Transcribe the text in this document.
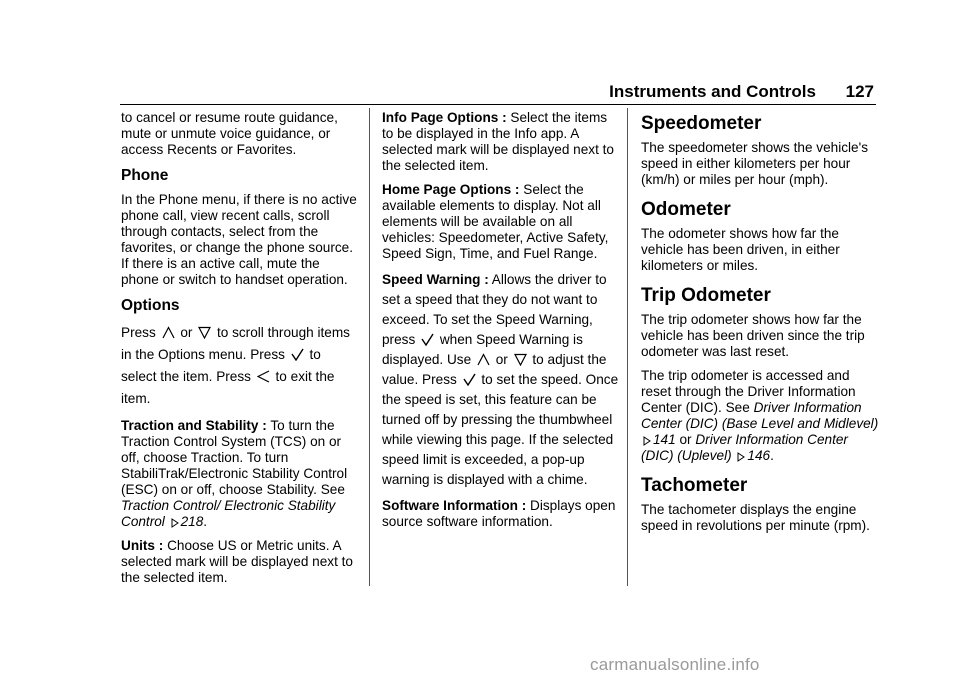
Instruments and Controls 127

to cancel or resume route guidance, mute or unmute voice guidance, or access Recents or Favorites.

Phone

In the Phone menu, if there is no active phone call, view recent calls, scroll through contacts, select from the favorites, or change the phone source. If there is an active call, mute the phone or switch to handset operation.

Options

Press or to scroll through items in the Options menu. Press to select the item. Press to exit the item.

Traction and Stability : To turn the Traction Control System (TCS) on or off, choose Traction. To turn StabiliTrak/Electronic Stability Control (ESC) on or off, choose Stability. See Traction Control/ Electronic Stability Control 218.

Units : Choose US or Metric units. A selected mark will be displayed next to the selected item.

Info Page Options : Select the items to be displayed in the Info app. A selected mark will be displayed next to the selected item.

Home Page Options : Select the available elements to display. Not all elements will be available on all vehicles: Speedometer, Active Safety, Speed Sign, Time, and Fuel Range.

Speed Warning : Allows the driver to set a speed that they do not want to exceed. To set the Speed Warning, press when Speed Warning is displayed. Use or to adjust the value. Press to set the speed. Once the speed is set, this feature can be turned off by pressing the thumbwheel while viewing this page. If the selected speed limit is exceeded, a pop-up warning is displayed with a chime.

Software Information : Displays open source software information.

Speedometer

The speedometer shows the vehicle's speed in either kilometers per hour (km/h) or miles per hour (mph).

Odometer

The odometer shows how far the vehicle has been driven, in either kilometers or miles.

Trip Odometer

The trip odometer shows how far the vehicle has been driven since the trip odometer was last reset.

The trip odometer is accessed and reset through the Driver Information Center (DIC). See Driver Information Center (DIC) (Base Level and Midlevel) 141 or Driver Information Center (DIC) (Uplevel) 146.

Tachometer

The tachometer displays the engine speed in revolutions per minute (rpm).

carmanualsonline.info
